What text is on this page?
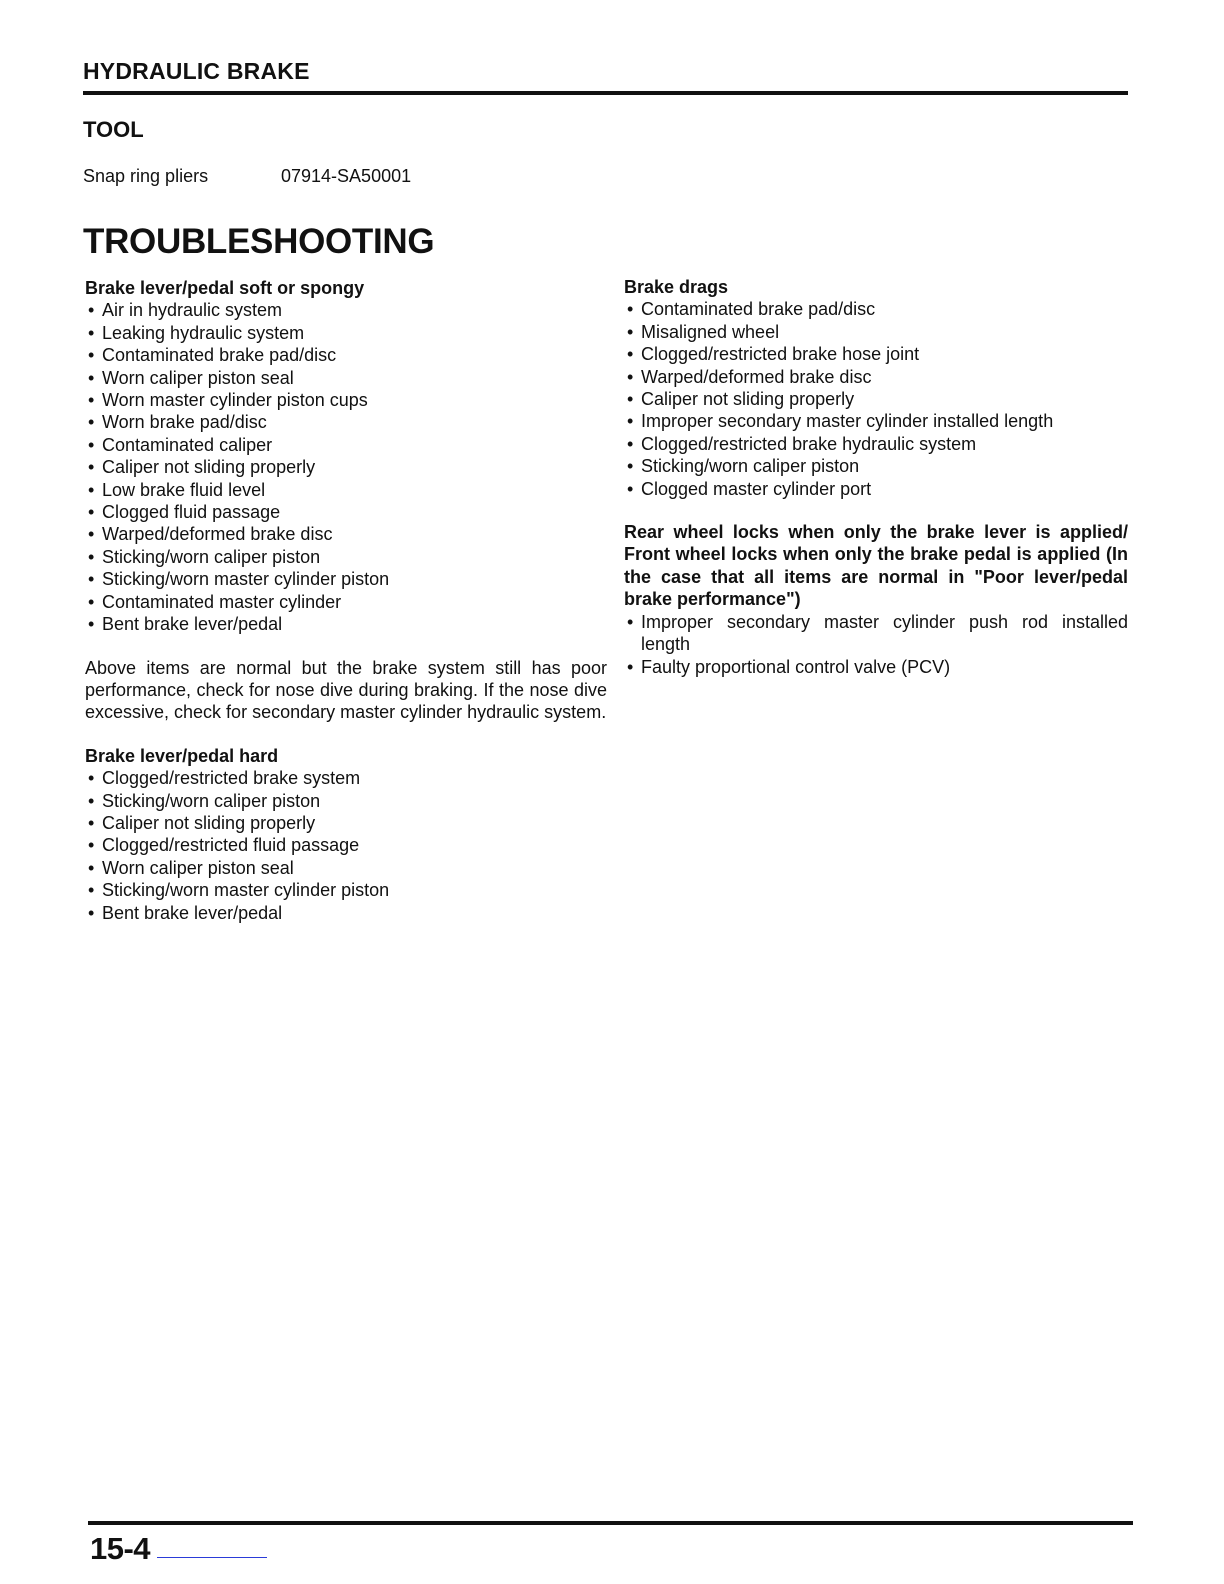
HYDRAULIC BRAKE
TOOL
Snap ring pliers	07914-SA50001
TROUBLESHOOTING

Brake lever/pedal soft or spongy

• Air in hydraulic system
• Leaking hydraulic system
• Contaminated brake pad/disc
• Worn caliper piston seal
• Worn master cylinder piston cups
• Worn brake pad/disc
• Contaminated caliper
• Caliper not sliding properly
• Low brake fluid level
• Clogged fluid passage
• Warped/deformed brake disc
• Sticking/worn caliper piston
• Sticking/worn master cylinder piston
• Contaminated master cylinder
• Bent brake lever/pedal

Above items are normal but the brake system still has poor performance, check for nose dive during braking. If the nose dive excessive, check for secondary master cylinder hydraulic system.

Brake lever/pedal hard

• Clogged/restricted brake system
• Sticking/worn caliper piston
• Caliper not sliding properly
• Clogged/restricted fluid passage
• Worn caliper piston seal
• Sticking/worn master cylinder piston
• Bent brake lever/pedal

Brake drags

• Contaminated brake pad/disc
• Misaligned wheel
• Clogged/restricted brake hose joint
• Warped/deformed brake disc
• Caliper not sliding properly
• Improper secondary master cylinder installed length
• Clogged/restricted brake hydraulic system
• Sticking/worn caliper piston
• Clogged master cylinder port

Rear wheel locks when only the brake lever is applied/ Front wheel locks when only the brake pedal is applied (In the case that all items are normal in "Poor lever/pedal brake performance")

• Improper secondary master cylinder push rod installed length
• Faulty proportional control valve (PCV)
15-4
